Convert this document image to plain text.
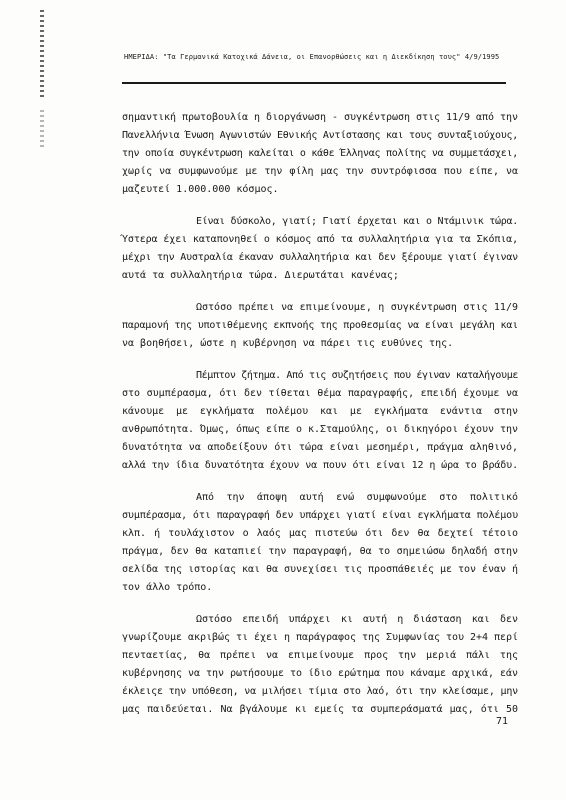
ΗΜΕΡΙΔΑ: "Τα Γερμανικά Κατοχικά Δάνεια, οι Επανορθώσεις και η Διεκδίκηση τους" 4/9/1995

σημαντική πρωτοβουλία η διοργάνωση - συγκέντρωση στις 11/9 από την
Πανελλήνια Ένωση Αγωνιστών Εθνικής Αντίστασης και τους συνταξιούχους,
την οποία συγκέντρωση καλείται ο κάθε Έλληνας πολίτης να συμμετάσχει,
χωρίς να συμφωνούμε με την φίλη μας την συντρόφισσα που είπε, να
μαζευτεί 1.000.000 κόσμος.

Είναι δύσκολο, γιατί; Γιατί έρχεται και ο Ντάμινικ τώρα.
Ύστερα έχει καταπονηθεί ο κόσμος από τα συλλαλητήρια για τα Σκόπια,
μέχρι την Αυστραλία έκαναν συλλαλητήρια και δεν ξέρουμε γιατί έγιναν
αυτά τα συλλαλητήρια τώρα. Διερωτάται κανένας;

Ωστόσο πρέπει να επιμείνουμε, η συγκέντρωση στις 11/9
παραμονή της υποτιθέμενης εκπνοής της προθεσμίας να είναι μεγάλη και
να βοηθήσει, ώστε η κυβέρνηση να πάρει τις ευθύνες της.

Πέμπτον ζήτημα. Από τις συζητήσεις που έγιναν καταλήγουμε
στο συμπέρασμα, ότι δεν τίθεται θέμα παραγραφής, επειδή έχουμε να
κάνουμε με εγκλήματα πολέμου και με εγκλήματα ενάντια στην
ανθρωπότητα. Όμως, όπως είπε ο κ.Σταμούλης, οι δικηγόροι έχουν την
δυνατότητα να αποδείξουν ότι τώρα είναι μεσημέρι, πράγμα αληθινό,
αλλά την ίδια δυνατότητα έχουν να πουν ότι είναι 12 η ώρα το βράδυ.

Από την άποψη αυτή ενώ συμφωνούμε στο πολιτικό
συμπέρασμα, ότι παραγραφή δεν υπάρχει γιατί είναι εγκλήματα πολέμου
κλπ. ή τουλάχιστον ο λαός μας πιστεύω ότι δεν θα δεχτεί τέτοιο
πράγμα, δεν θα καταπιεί την παραγραφή, θα το σημειώσω δηλαδή στην
σελίδα της ιστορίας και θα συνεχίσει τις προσπάθειές με τον έναν ή
τον άλλο τρόπο.

Ωστόσο επειδή υπάρχει κι αυτή η διάσταση και δεν
γνωρίζουμε ακριβώς τι έχει η παράγραφος της Συμφωνίας του 2+4 περί
πενταετίας, θα πρέπει να επιμείνουμε προς την μεριά πάλι της
κυβέρνησης να την ρωτήσουμε το ίδιο ερώτημα που κάναμε αρχικά, εάν
έκλειςε την υπόθεση, να μιλήσει τίμια στο λαό, ότι την κλείσαμε, μην
μας παιδεύεται. Να βγάλουμε κι εμείς τα συμπεράσματά μας, ότι 50

71
